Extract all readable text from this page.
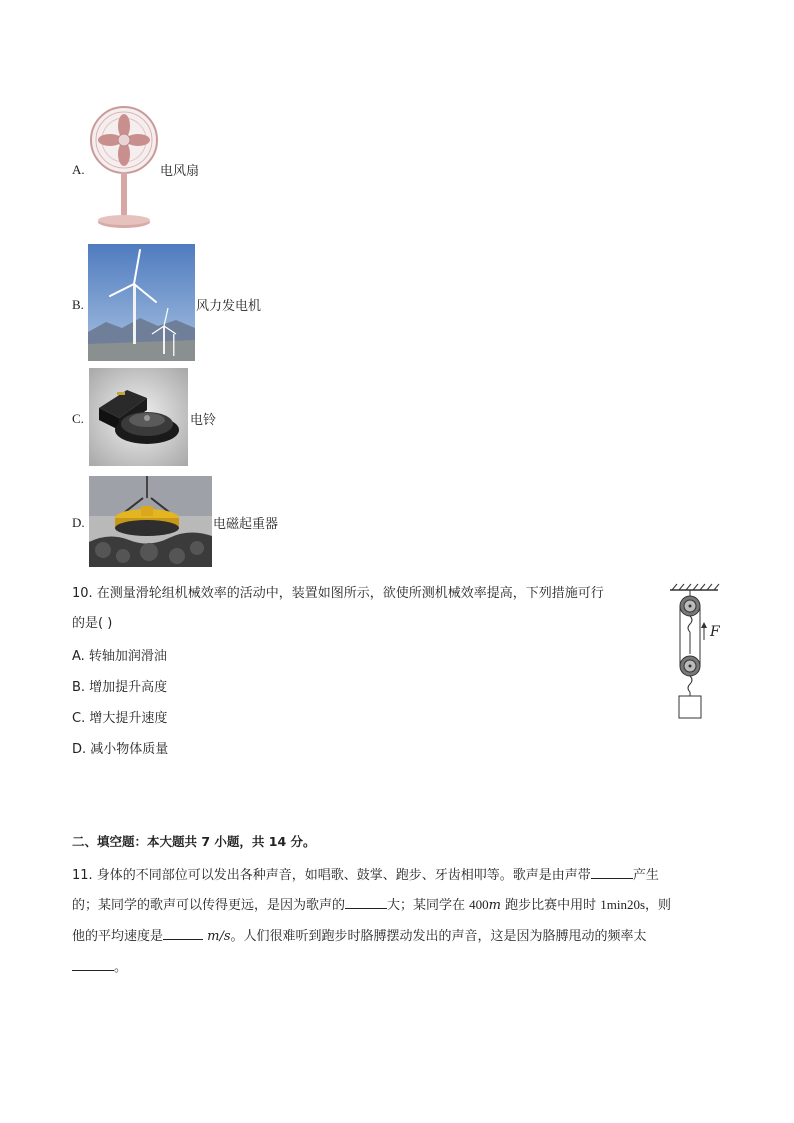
A.	电风扇
B.	风力发电机
C.	电铃
D.	电磁起重器
10. 在测量滑轮组机械效率的活动中，装置如图所示，欲使所测机械效率提高，下列措施可行
的是( )
A. 转轴加润滑油
B. 增加提升高度
C. 增大提升速度
D. 减小物体质量
F
二、填空题：本大题共 7 小题，共 14 分。
11. 身体的不同部位可以发出各种声音，如唱歌、鼓掌、跑步、牙齿相叩等。歌声是由声带	产生
的；某同学的歌声可以传得更远，是因为歌声的	大；某同学在 400m 跑步比赛中用时 1min20s，则
他的平均速度是	m/s。人们很难听到跑步时胳膊摆动发出的声音，这是因为胳膊甩动的频率太
。
